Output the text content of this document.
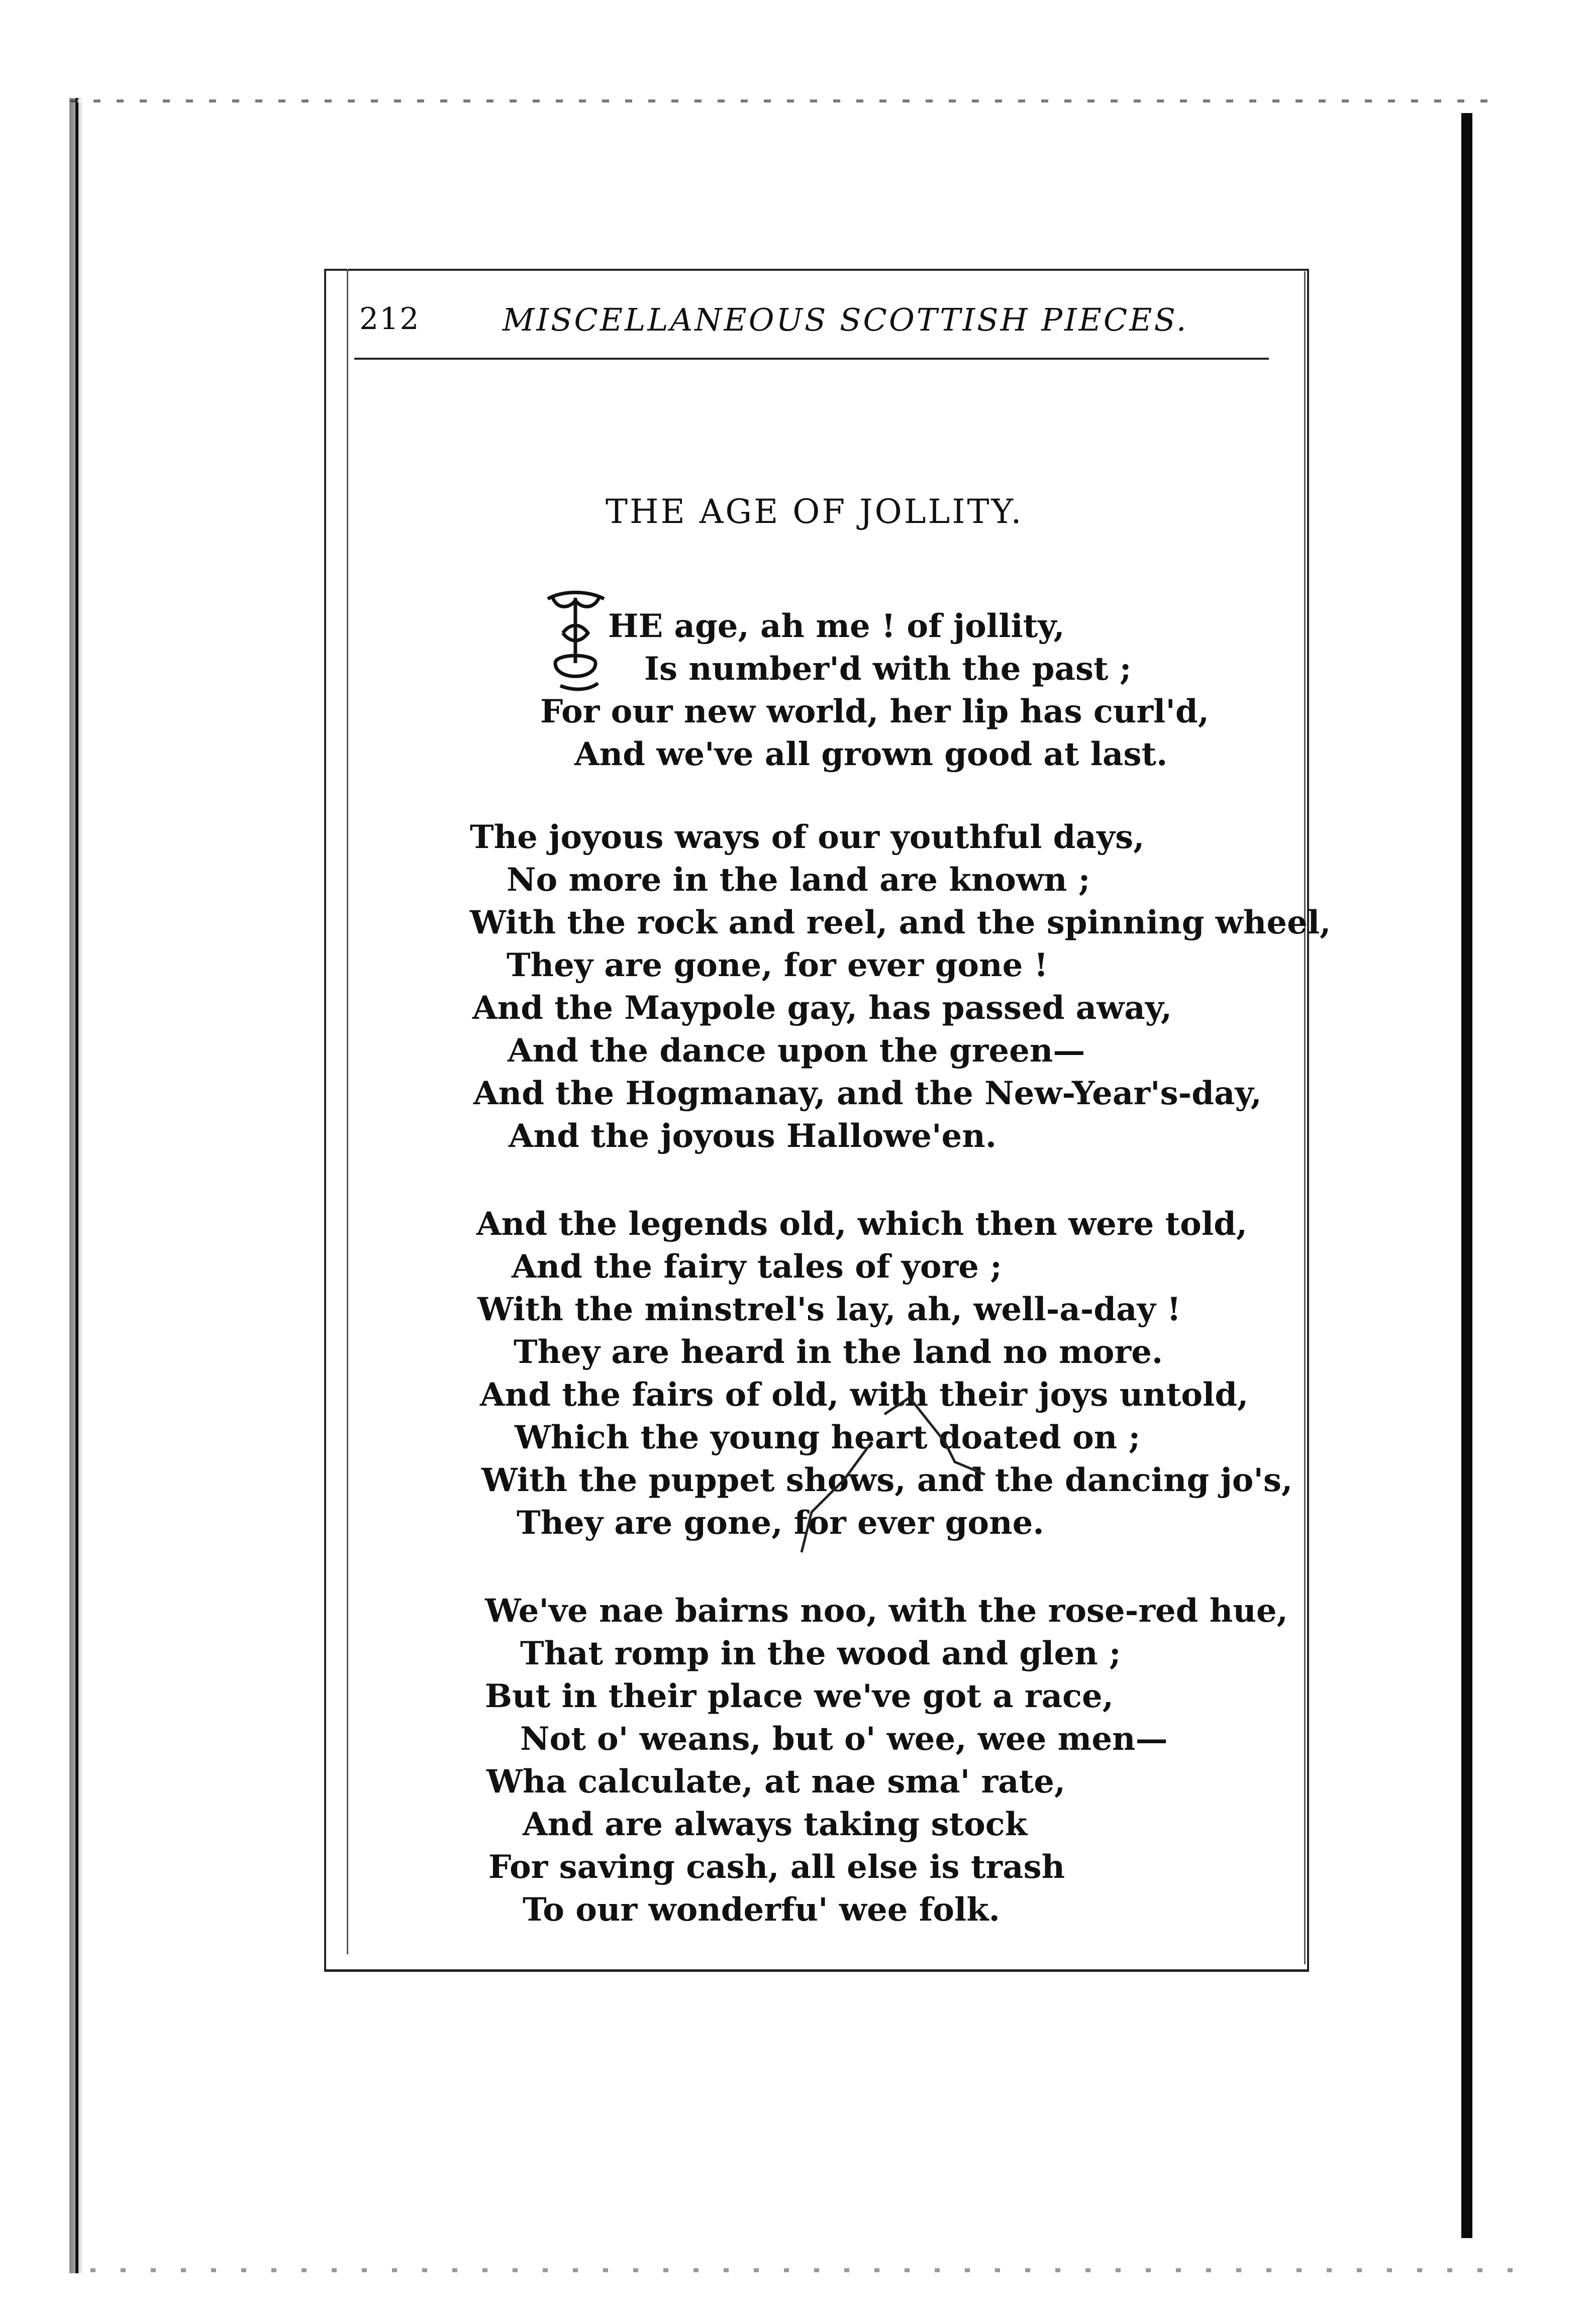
212	MISCELLANEOUS SCOTTISH PIECES.
THE AGE OF JOLLITY.
HE age, ah me ! of jollity,
Is number'd with the past ;
For our new world, her lip has curl'd,
And we've all grown good at last.
The joyous ways of our youthful days,
No more in the land are known ;
With the rock and reel, and the spinning wheel,
They are gone, for ever gone !
And the Maypole gay, has passed away,
And the dance upon the green—
And the Hogmanay, and the New-Year's-day,
And the joyous Hallowe'en.
And the legends old, which then were told,
And the fairy tales of yore ;
With the minstrel's lay, ah, well-a-day !
They are heard in the land no more.
And the fairs of old, with their joys untold,
Which the young heart doated on ;
With the puppet shows, and the dancing jo's,
They are gone, for ever gone.
We've nae bairns noo, with the rose-red hue,
That romp in the wood and glen ;
But in their place we've got a race,
Not o' weans, but o' wee, wee men—
Wha calculate, at nae sma' rate,
And are always taking stock
For saving cash, all else is trash
To our wonderfu' wee folk.
